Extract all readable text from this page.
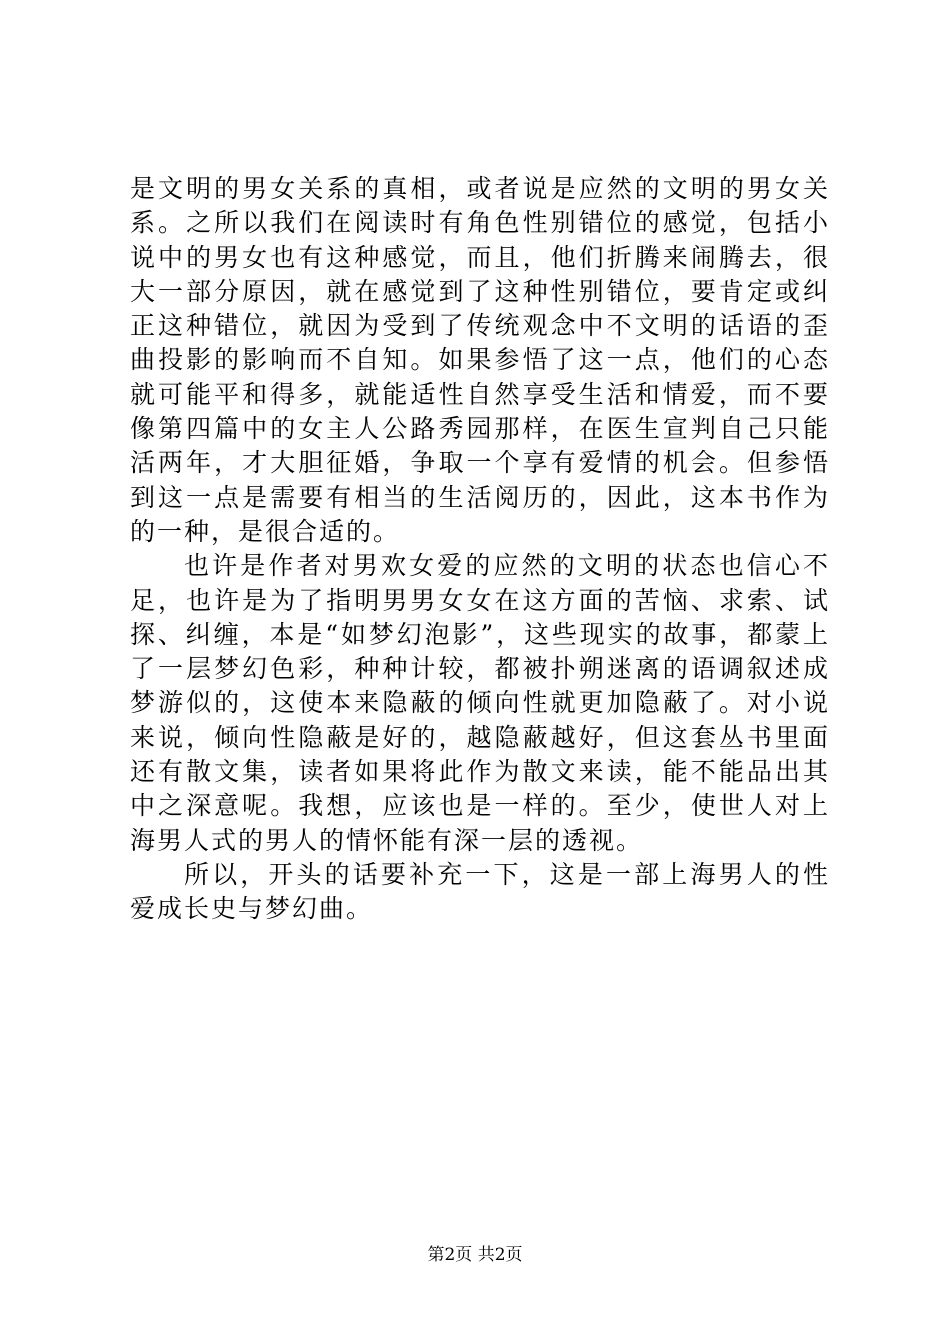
是文明的男女关系的真相，或者说是应然的文明的男女关系。之所以我们在阅读时有角色性别错位的感觉，包括小说中的男女也有这种感觉，而且，他们折腾来闹腾去，很大一部分原因，就在感觉到了这种性别错位，要肯定或纠正这种错位，就因为受到了传统观念中不文明的话语的歪曲投影的影响而不自知。如果参悟了这一点，他们的心态就可能平和得多，就能适性自然享受生活和情爱，而不要像第四篇中的女主人公路秀园那样，在医生宣判自己只能活两年，才大胆征婚，争取一个享有爱情的机会。但参悟到这一点是需要有相当的生活阅历的，因此，这本书作为的一种，是很合适的。

也许是作者对男欢女爱的应然的文明的状态也信心不足，也许是为了指明男男女女在这方面的苦恼、求索、试探、纠缠，本是“如梦幻泡影”，这些现实的故事，都蒙上了一层梦幻色彩，种种计较，都被扑朔迷离的语调叙述成梦游似的，这使本来隐蔽的倾向性就更加隐蔽了。对小说来说，倾向性隐蔽是好的，越隐蔽越好，但这套丛书里面还有散文集，读者如果将此作为散文来读，能不能品出其中之深意呢。我想，应该也是一样的。至少，使世人对上海男人式的男人的情怀能有深一层的透视。

所以，开头的话要补充一下，这是一部上海男人的性爱成长史与梦幻曲。

第2页 共2页
